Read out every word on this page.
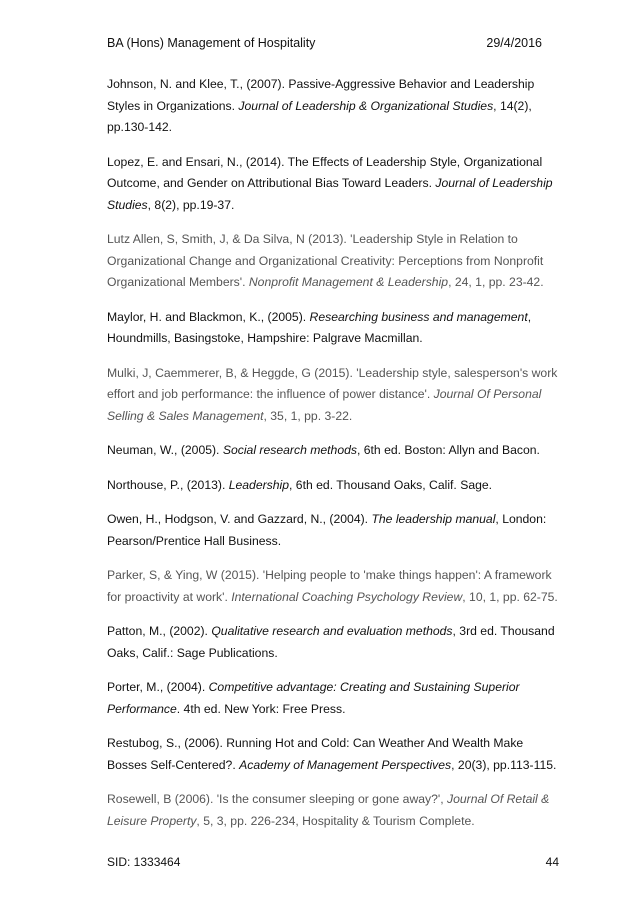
BA (Hons) Management of Hospitality	29/4/2016

Johnson, N. and Klee, T., (2007). Passive-Aggressive Behavior and Leadership Styles in Organizations. Journal of Leadership & Organizational Studies, 14(2), pp.130-142.

Lopez, E. and Ensari, N., (2014). The Effects of Leadership Style, Organizational Outcome, and Gender on Attributional Bias Toward Leaders. Journal of Leadership Studies, 8(2), pp.19-37.

Lutz Allen, S, Smith, J, & Da Silva, N (2013). 'Leadership Style in Relation to Organizational Change and Organizational Creativity: Perceptions from Nonprofit Organizational Members'. Nonprofit Management & Leadership, 24, 1, pp. 23-42.

Maylor, H. and Blackmon, K., (2005). Researching business and management, Houndmills, Basingstoke, Hampshire: Palgrave Macmillan.

Mulki, J, Caemmerer, B, & Heggde, G (2015). 'Leadership style, salesperson's work effort and job performance: the influence of power distance'. Journal Of Personal Selling & Sales Management, 35, 1, pp. 3-22.

Neuman, W., (2005). Social research methods, 6th ed. Boston: Allyn and Bacon.

Northouse, P., (2013). Leadership, 6th ed. Thousand Oaks, Calif. Sage.

Owen, H., Hodgson, V. and Gazzard, N., (2004). The leadership manual, London: Pearson/Prentice Hall Business.

Parker, S, & Ying, W (2015). 'Helping people to 'make things happen': A framework for proactivity at work'. International Coaching Psychology Review, 10, 1, pp. 62-75.

Patton, M., (2002). Qualitative research and evaluation methods, 3rd ed. Thousand Oaks, Calif.: Sage Publications.

Porter, M., (2004). Competitive advantage: Creating and Sustaining Superior Performance. 4th ed. New York: Free Press.

Restubog, S., (2006). Running Hot and Cold: Can Weather And Wealth Make Bosses Self-Centered?. Academy of Management Perspectives, 20(3), pp.113-115.

Rosewell, B (2006). 'Is the consumer sleeping or gone away?', Journal Of Retail & Leisure Property, 5, 3, pp. 226-234, Hospitality & Tourism Complete.

SID: 1333464	44
